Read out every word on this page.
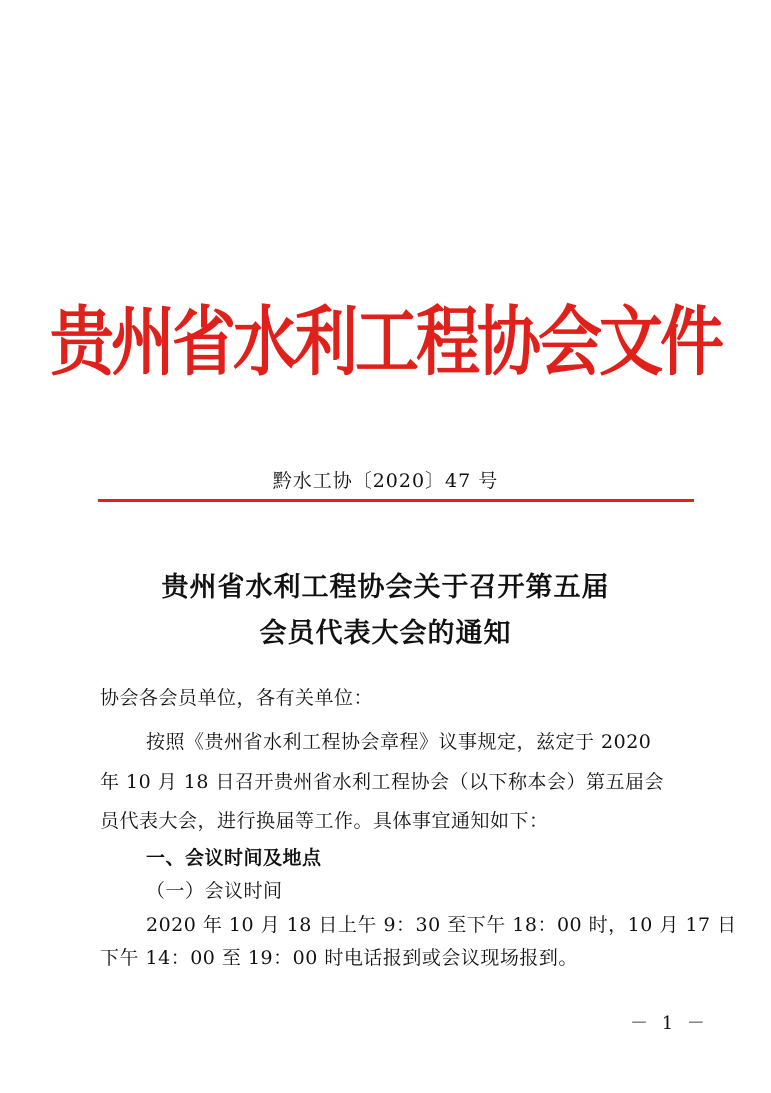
贵州省水利工程协会文件
黔水工协〔2020〕47 号
贵州省水利工程协会关于召开第五届
会员代表大会的通知
协会各会员单位，各有关单位：
按照《贵州省水利工程协会章程》议事规定，兹定于 2020
年 10 月 18 日召开贵州省水利工程协会（以下称本会）第五届会
员代表大会，进行换届等工作。具体事宜通知如下：
一、会议时间及地点
（一）会议时间
2020 年 10 月 18 日上午 9：30 至下午 18：00 时，10 月 17 日
下午 14：00 至 19：00 时电话报到或会议现场报到。
－ 1 －
